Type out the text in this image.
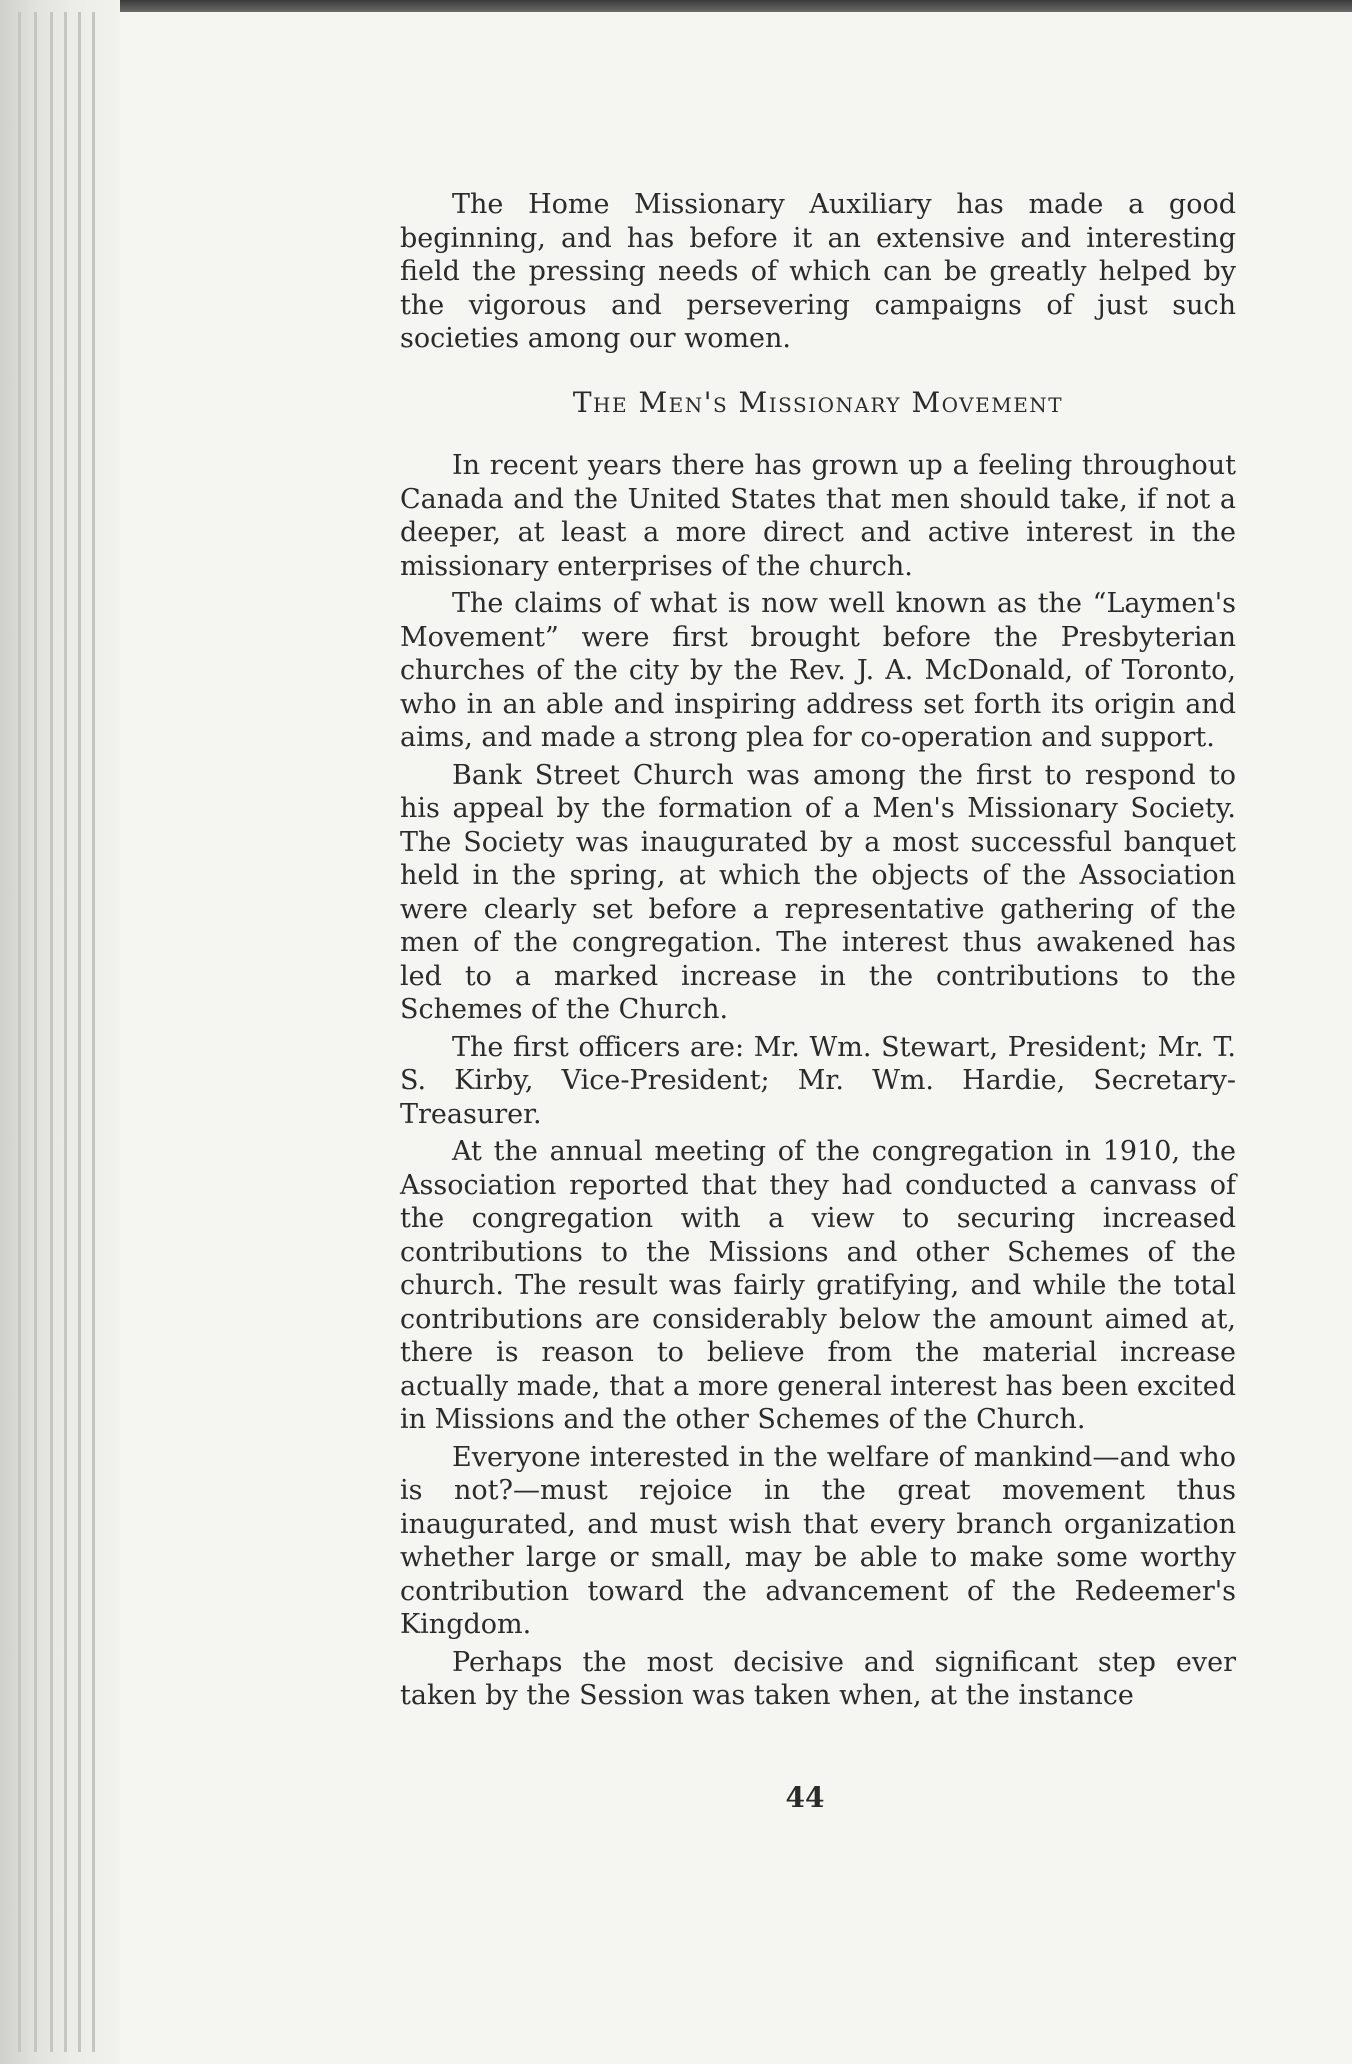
The Home Missionary Auxiliary has made a good beginning, and has before it an extensive and interesting field the pressing needs of which can be greatly helped by the vigorous and persevering campaigns of just such societies among our women.

The Men's Missionary Movement

In recent years there has grown up a feeling throughout Canada and the United States that men should take, if not a deeper, at least a more direct and active interest in the missionary enterprises of the church.

The claims of what is now well known as the “Laymen's Movement” were first brought before the Presbyterian churches of the city by the Rev. J. A. McDonald, of Toronto, who in an able and inspiring address set forth its origin and aims, and made a strong plea for co-operation and support.

Bank Street Church was among the first to respond to his appeal by the formation of a Men's Missionary Society. The Society was inaugurated by a most successful banquet held in the spring, at which the objects of the Association were clearly set before a representative gathering of the men of the congregation. The interest thus awakened has led to a marked increase in the contributions to the Schemes of the Church.

The first officers are: Mr. Wm. Stewart, President; Mr. T. S. Kirby, Vice-President; Mr. Wm. Hardie, Secretary-Treasurer.

At the annual meeting of the congregation in 1910, the Association reported that they had conducted a canvass of the congregation with a view to securing increased contributions to the Missions and other Schemes of the church. The result was fairly gratifying, and while the total contributions are considerably below the amount aimed at, there is reason to believe from the material increase actually made, that a more general interest has been excited in Missions and the other Schemes of the Church.

Everyone interested in the welfare of mankind—and who is not?—must rejoice in the great movement thus inaugurated, and must wish that every branch organization whether large or small, may be able to make some worthy contribution toward the advancement of the Redeemer's Kingdom.

Perhaps the most decisive and significant step ever taken by the Session was taken when, at the instance

44
